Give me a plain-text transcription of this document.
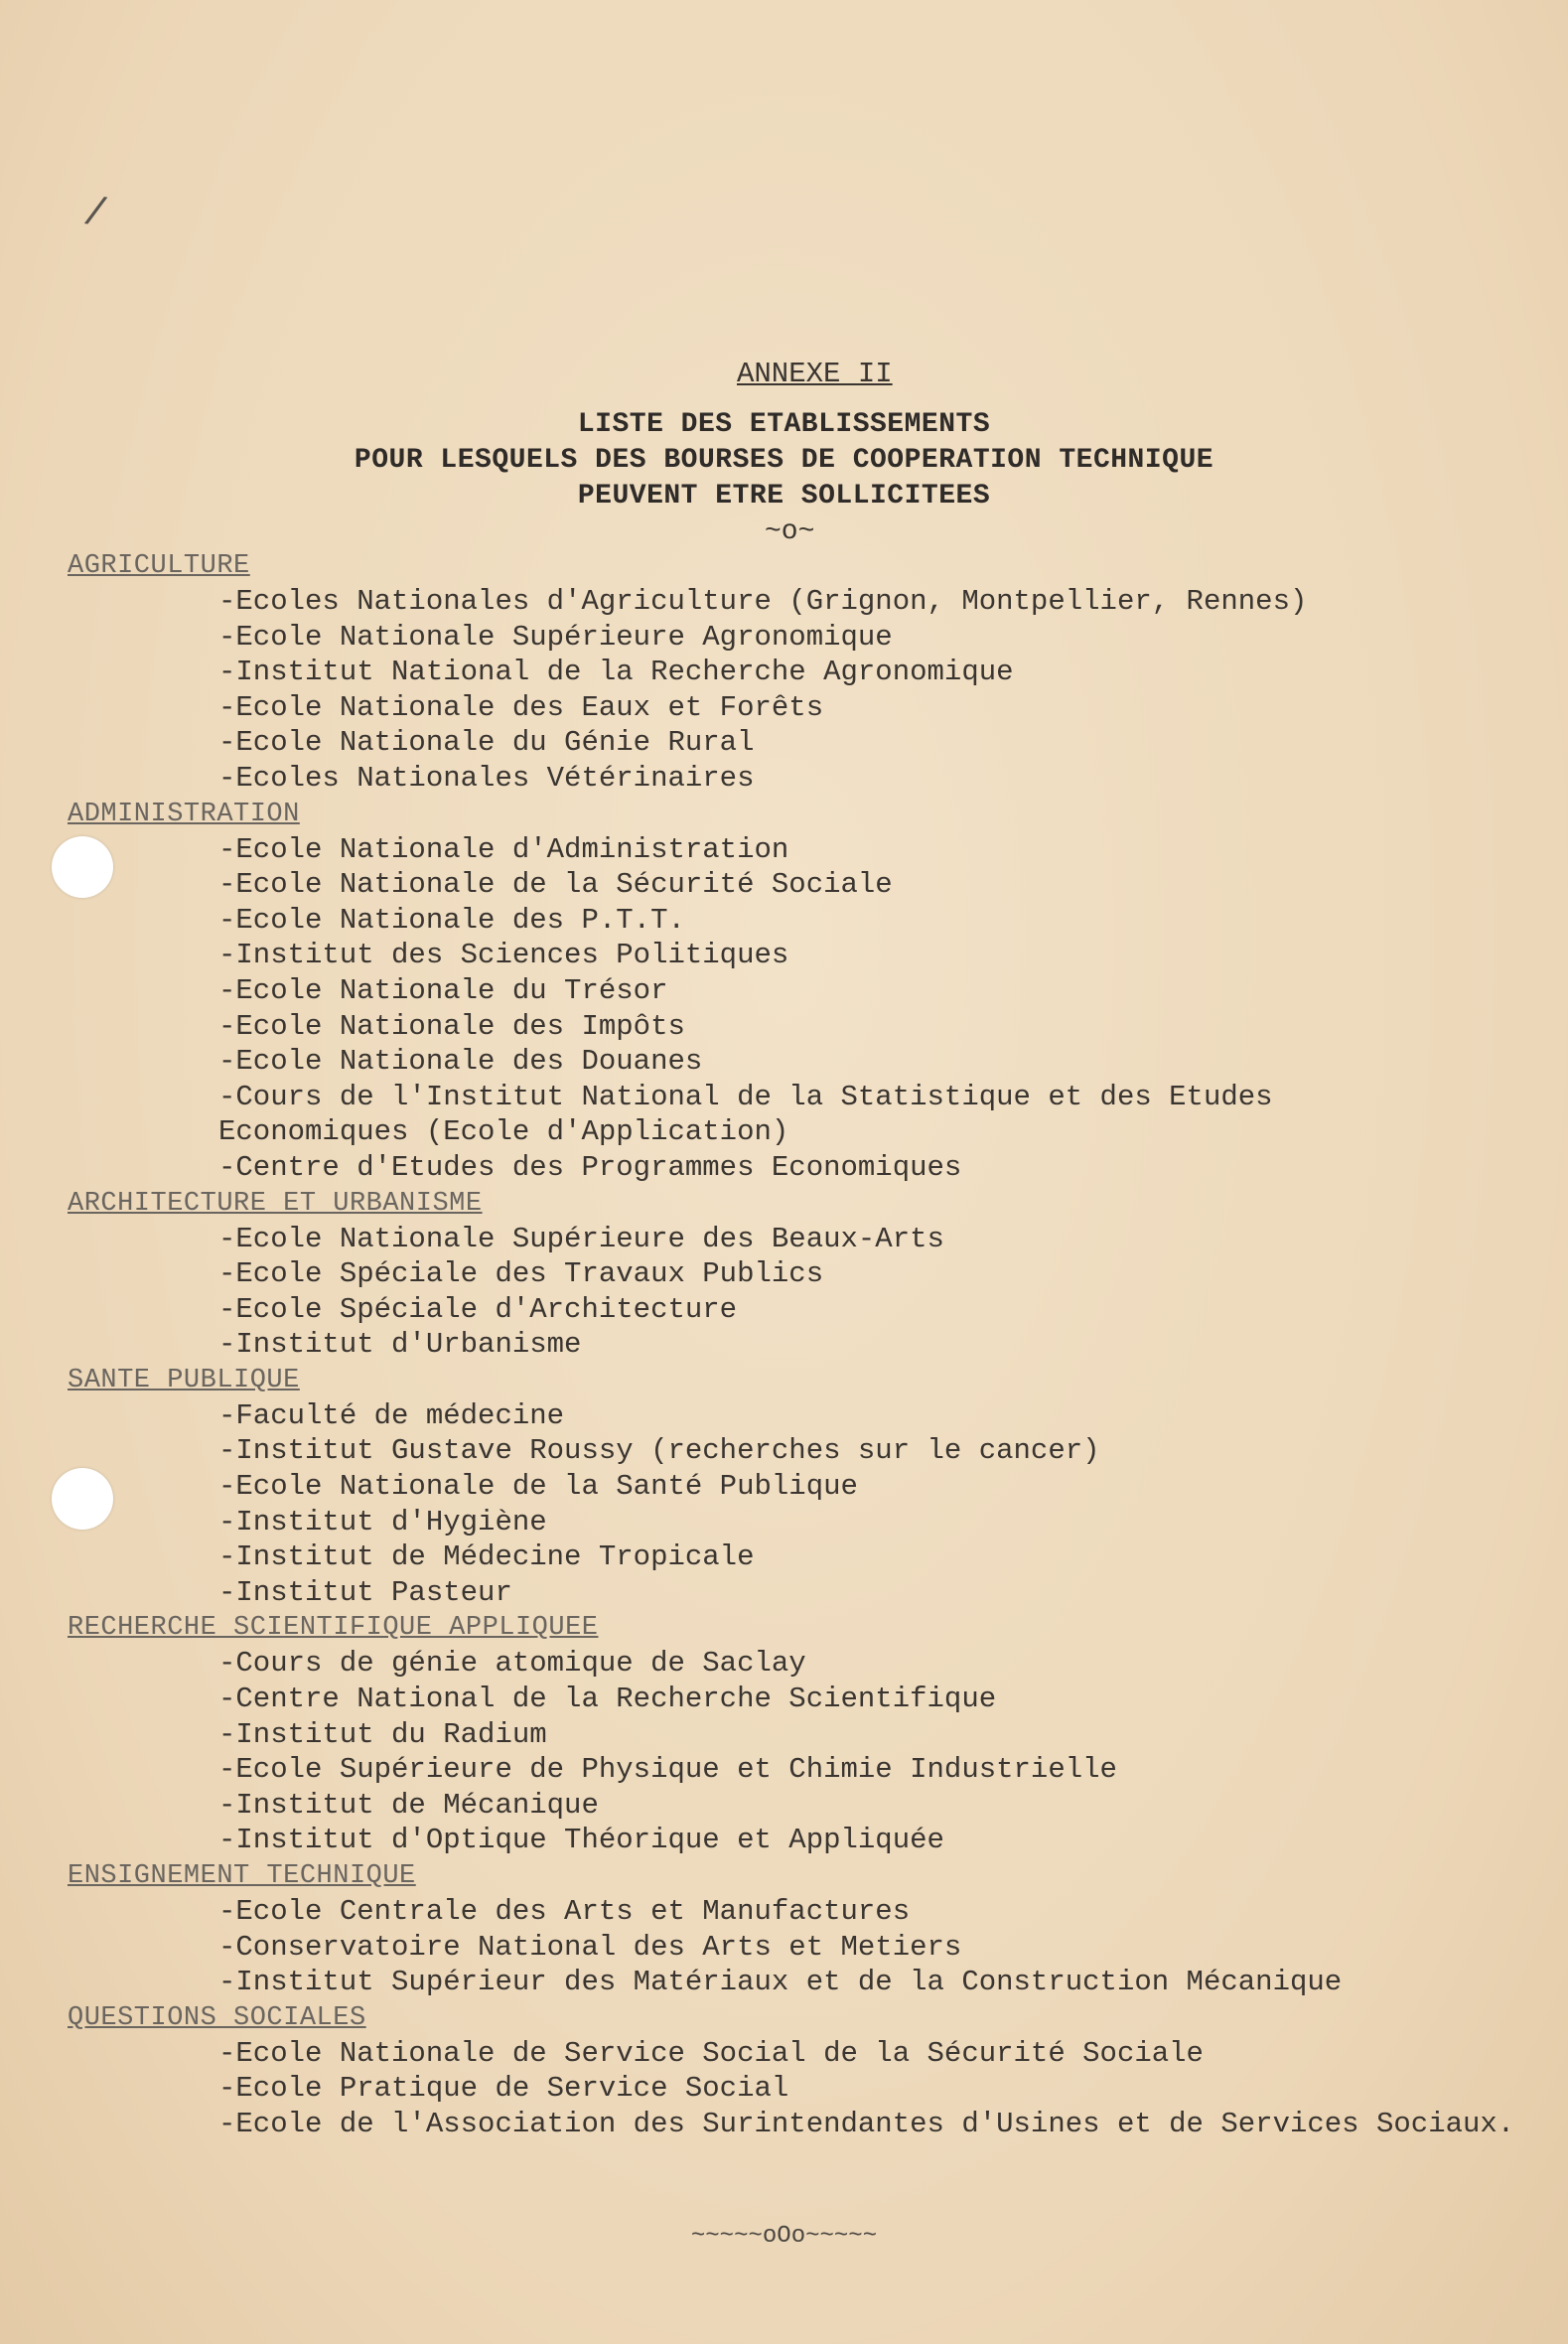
/
ANNEXE II
LISTE DES ETABLISSEMENTS
POUR LESQUELS DES BOURSES DE COOPERATION TECHNIQUE
PEUVENT ETRE SOLLICITEES
~o~
AGRICULTURE
-Ecoles Nationales d'Agriculture (Grignon, Montpellier, Rennes)
-Ecole Nationale Supérieure Agronomique
-Institut National de la Recherche Agronomique
-Ecole Nationale des Eaux et Forêts
-Ecole Nationale du Génie Rural
-Ecoles Nationales Vétérinaires
ADMINISTRATION
-Ecole Nationale d'Administration
-Ecole Nationale de la Sécurité Sociale
-Ecole Nationale des P.T.T.
-Institut des Sciences Politiques
-Ecole Nationale du Trésor
-Ecole Nationale des Impôts
-Ecole Nationale des Douanes
-Cours de l'Institut National de la Statistique et des Etudes Economiques (Ecole d'Application)
-Centre d'Etudes des Programmes Economiques
ARCHITECTURE ET URBANISME
-Ecole Nationale Supérieure des Beaux-Arts
-Ecole Spéciale des Travaux Publics
-Ecole Spéciale d'Architecture
-Institut d'Urbanisme
SANTE PUBLIQUE
-Faculté de médecine
-Institut Gustave Roussy (recherches sur le cancer)
-Ecole Nationale de la Santé Publique
-Institut d'Hygiène
-Institut de Médecine Tropicale
-Institut Pasteur
RECHERCHE SCIENTIFIQUE APPLIQUEE
-Cours de génie atomique de Saclay
-Centre National de la Recherche Scientifique
-Institut du Radium
-Ecole Supérieure de Physique et Chimie Industrielle
-Institut de Mécanique
-Institut d'Optique Théorique et Appliquée
ENSIGNEMENT TECHNIQUE
-Ecole Centrale des Arts et Manufactures
-Conservatoire National des Arts et Metiers
-Institut Supérieur des Matériaux et de la Construction Mécanique
QUESTIONS SOCIALES
-Ecole Nationale de Service Social de la Sécurité Sociale
-Ecole Pratique de Service Social
-Ecole de l'Association des Surintendantes d'Usines et de Services Sociaux.
~~~~~oOo~~~~~
